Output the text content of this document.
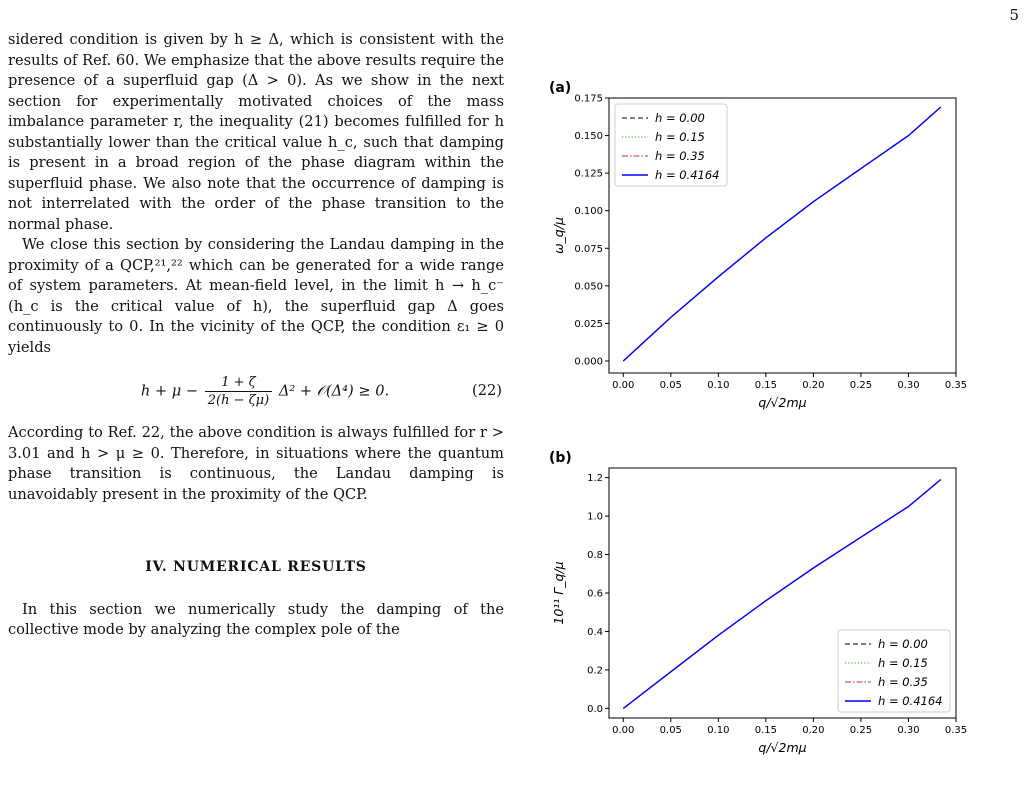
5

sidered condition is given by h ≥ Δ, which is consistent with the results of Ref. 60. We emphasize that the above results require the presence of a superfluid gap (Δ > 0). As we show in the next section for experimentally motivated choices of the mass imbalance parameter r, the inequality (21) becomes fulfilled for h substantially lower than the critical value h_c, such that damping is present in a broad region of the phase diagram within the superfluid phase. We also note that the occurrence of damping is not interrelated with the order of the phase transition to the normal phase.

We close this section by considering the Landau damping in the proximity of a QCP,²¹,²² which can be generated for a wide range of system parameters. At mean-field level, in the limit h → h_c⁻ (h_c is the critical value of h), the superfluid gap Δ goes continuously to 0. In the vicinity of the QCP, the condition ε₁ ≥ 0 yields

$h + \mu - \frac{1 + \zeta}{2(h - \zeta\mu)} \Delta^2$ + 𝒪(Δ⁴) ≥ 0.	(22)

According to Ref. 22, the above condition is always fulfilled for r > 3.01 and h > μ ≥ 0. Therefore, in situations where the quantum phase transition is continuous, the Landau damping is unavoidably present in the proximity of the QCP.

IV. NUMERICAL RESULTS

In this section we numerically study the damping of the collective mode by analyzing the complex pole of the

(a)
0.00	0.05	0.10	0.15	0.20	0.25	0.30	0.35
0.000
0.025
0.050
0.075
0.100
0.125
0.150
0.175
q/√2mμ
ω_q/μ
h = 0.00
h = 0.15
h = 0.35
h = 0.4164
(b)
0.00	0.05	0.10	0.15	0.20	0.25	0.30	0.35
0.0
0.2
0.4
0.6
0.8
1.0
1.2
q/√2mμ
10¹¹ Γ_q/μ
h = 0.00
h = 0.15
h = 0.35
h = 0.4164
